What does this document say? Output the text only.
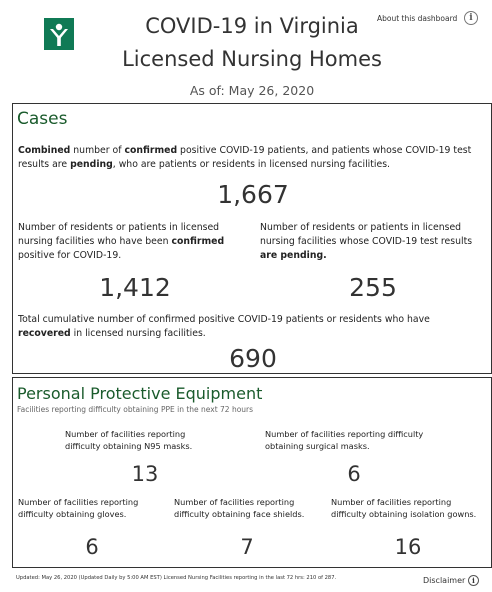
COVID-19 in Virginia
Licensed Nursing Homes
As of: May 26, 2020
About this dashboard	i
Cases
Combined number of confirmed positive COVID-19 patients, and patients whose COVID-19 test results are pending, who are patients or residents in licensed nursing facilities.
1,667
Number of residents or patients in licensed nursing facilities who have been confirmed positive for COVID-19.
1,412
Number of residents or patients in licensed nursing facilities whose COVID-19 test results are pending.
255
Total cumulative number of confirmed positive COVID-19 patients or residents who have recovered in licensed nursing facilities.
690
Personal Protective Equipment
Facilities reporting difficulty obtaining PPE in the next 72 hours
Number of facilities reporting difficulty obtaining N95 masks.
13
Number of facilities reporting difficulty obtaining surgical masks.
6
Number of facilities reporting difficulty obtaining gloves.
6
Number of facilities reporting difficulty obtaining face shields.
7
Number of facilities reporting difficulty obtaining isolation gowns.
16
Updated: May 26, 2020 (Updated Daily by 5:00 AM EST) Licensed Nursing Facilities reporting in the last 72 hrs: 210 of 287.	Disclaimer i
